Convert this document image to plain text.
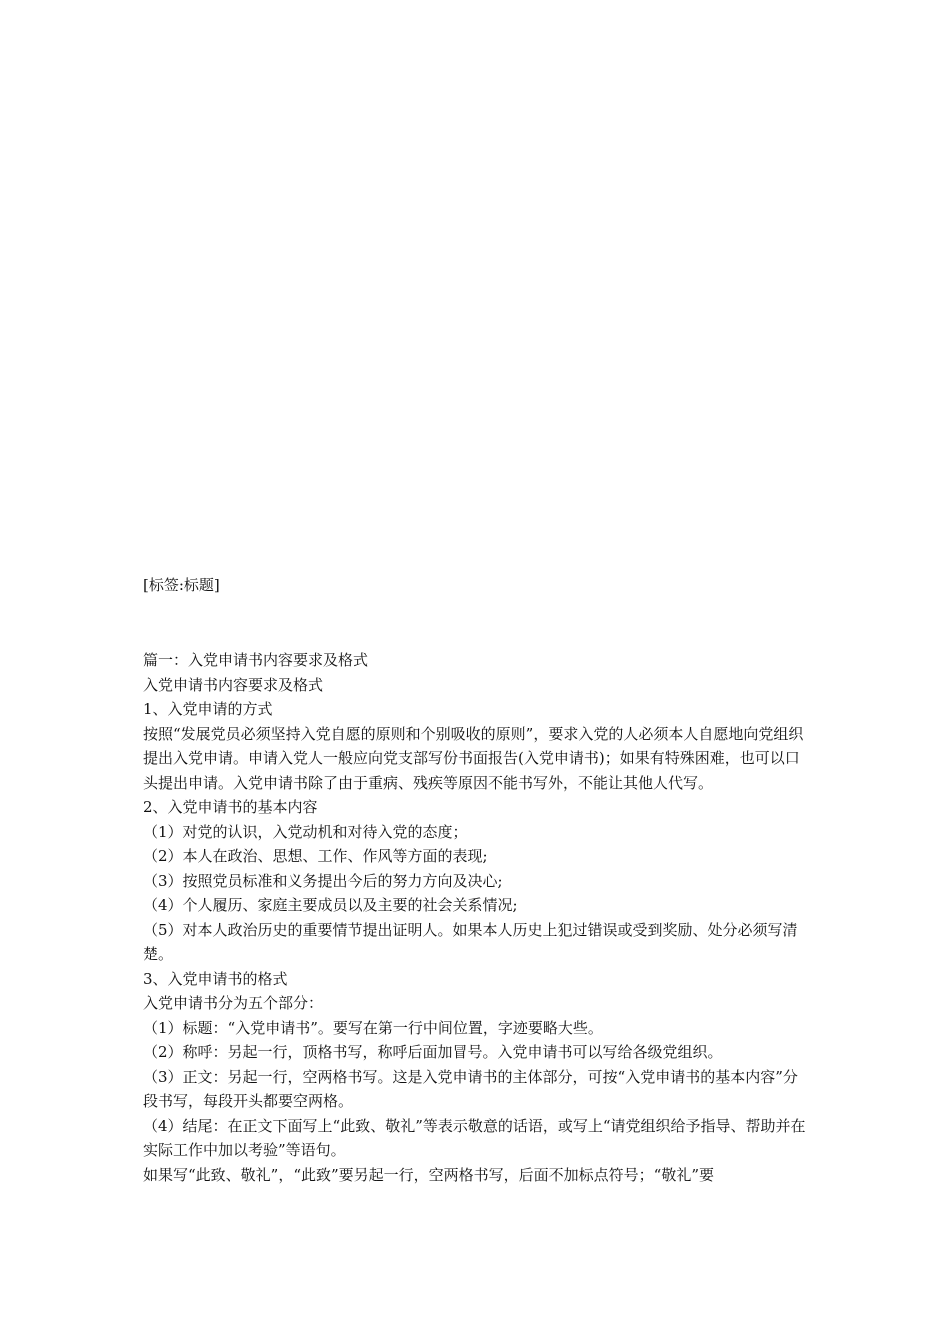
[标签:标题]

篇一：入党申请书内容要求及格式

入党申请书内容要求及格式

1、入党申请的方式

按照“发展党员必须坚持入党自愿的原则和个别吸收的原则”，要求入党的人必须本人自愿地向党组织提出入党申请。申请入党人一般应向党支部写份书面报告(入党申请书)；如果有特殊困难，也可以口头提出申请。入党申请书除了由于重病、残疾等原因不能书写外，不能让其他人代写。

2、入党申请书的基本内容

（1）对党的认识，入党动机和对待入党的态度；

（2）本人在政治、思想、工作、作风等方面的表现;

（3）按照党员标准和义务提出今后的努力方向及决心;

（4）个人履历、家庭主要成员以及主要的社会关系情况;

（5）对本人政治历史的重要情节提出证明人。如果本人历史上犯过错误或受到奖励、处分必须写清楚。

3、入党申请书的格式

入党申请书分为五个部分：

（1）标题：“入党申请书”。要写在第一行中间位置，字迹要略大些。

（2）称呼：另起一行，顶格书写，称呼后面加冒号。入党申请书可以写给各级党组织。

（3）正文：另起一行，空两格书写。这是入党申请书的主体部分，可按“入党申请书的基本内容”分段书写，每段开头都要空两格。

（4）结尾：在正文下面写上“此致、敬礼”等表示敬意的话语，或写上“请党组织给予指导、帮助并在实际工作中加以考验”等语句。

如果写“此致、敬礼”，“此致”要另起一行，空两格书写，后面不加标点符号；“敬礼”要
